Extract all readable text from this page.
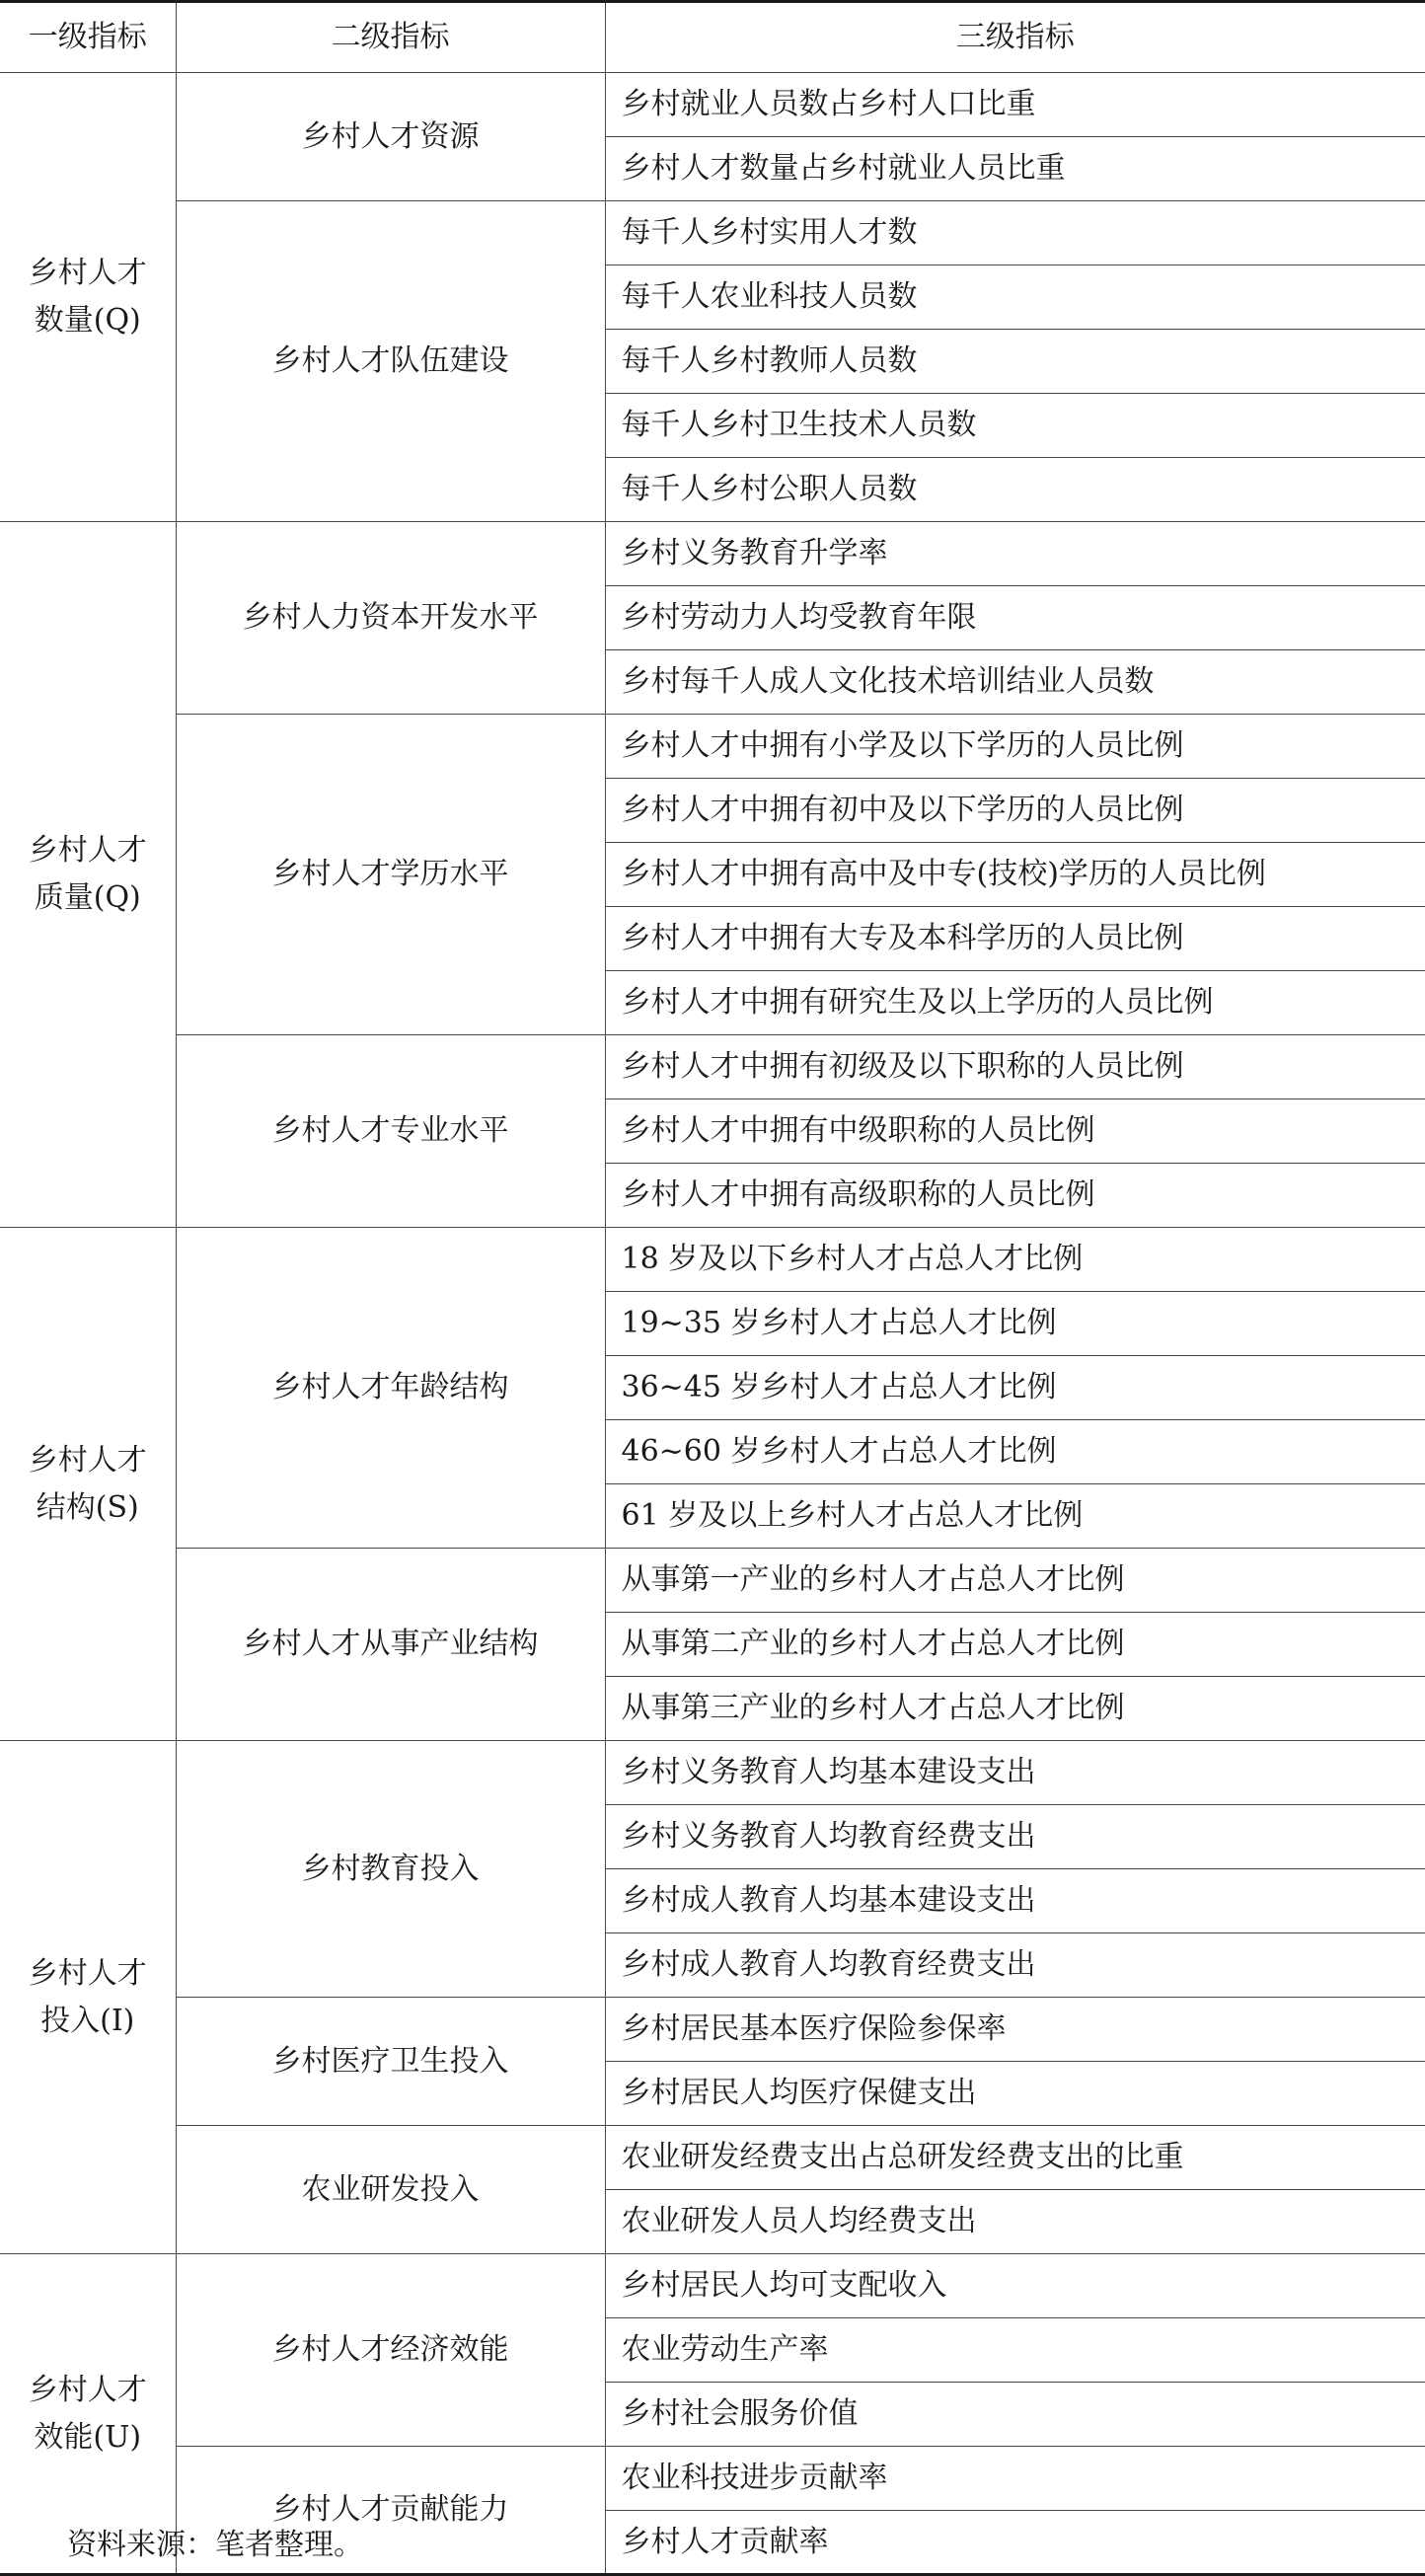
一级指标	二级指标	三级指标

乡村人才
数量(Q)	乡村人才资源	乡村就业人员数占乡村人口比重
		乡村人才数量占乡村就业人员比重
	乡村人才队伍建设	每千人乡村实用人才数
		每千人农业科技人员数
		每千人乡村教师人员数
		每千人乡村卫生技术人员数
		每千人乡村公职人员数

乡村人才
质量(Q)	乡村人力资本开发水平	乡村义务教育升学率
		乡村劳动力人均受教育年限
		乡村每千人成人文化技术培训结业人员数
	乡村人才学历水平	乡村人才中拥有小学及以下学历的人员比例
		乡村人才中拥有初中及以下学历的人员比例
		乡村人才中拥有高中及中专(技校)学历的人员比例
		乡村人才中拥有大专及本科学历的人员比例
		乡村人才中拥有研究生及以上学历的人员比例
	乡村人才专业水平	乡村人才中拥有初级及以下职称的人员比例
		乡村人才中拥有中级职称的人员比例
		乡村人才中拥有高级职称的人员比例

乡村人才
结构(S)	乡村人才年龄结构	18 岁及以下乡村人才占总人才比例
		19~35 岁乡村人才占总人才比例
		36~45 岁乡村人才占总人才比例
		46~60 岁乡村人才占总人才比例
		61 岁及以上乡村人才占总人才比例
	乡村人才从事产业结构	从事第一产业的乡村人才占总人才比例
		从事第二产业的乡村人才占总人才比例
		从事第三产业的乡村人才占总人才比例

乡村人才
投入(I)	乡村教育投入	乡村义务教育人均基本建设支出
		乡村义务教育人均教育经费支出
		乡村成人教育人均基本建设支出
		乡村成人教育人均教育经费支出
	乡村医疗卫生投入	乡村居民基本医疗保险参保率
		乡村居民人均医疗保健支出
	农业研发投入	农业研发经费支出占总研发经费支出的比重
		农业研发人员人均经费支出

乡村人才
效能(U)	乡村人才经济效能	乡村居民人均可支配收入
		农业劳动生产率
		乡村社会服务价值
	乡村人才贡献能力	农业科技进步贡献率
		乡村人才贡献率
资料来源：笔者整理。
